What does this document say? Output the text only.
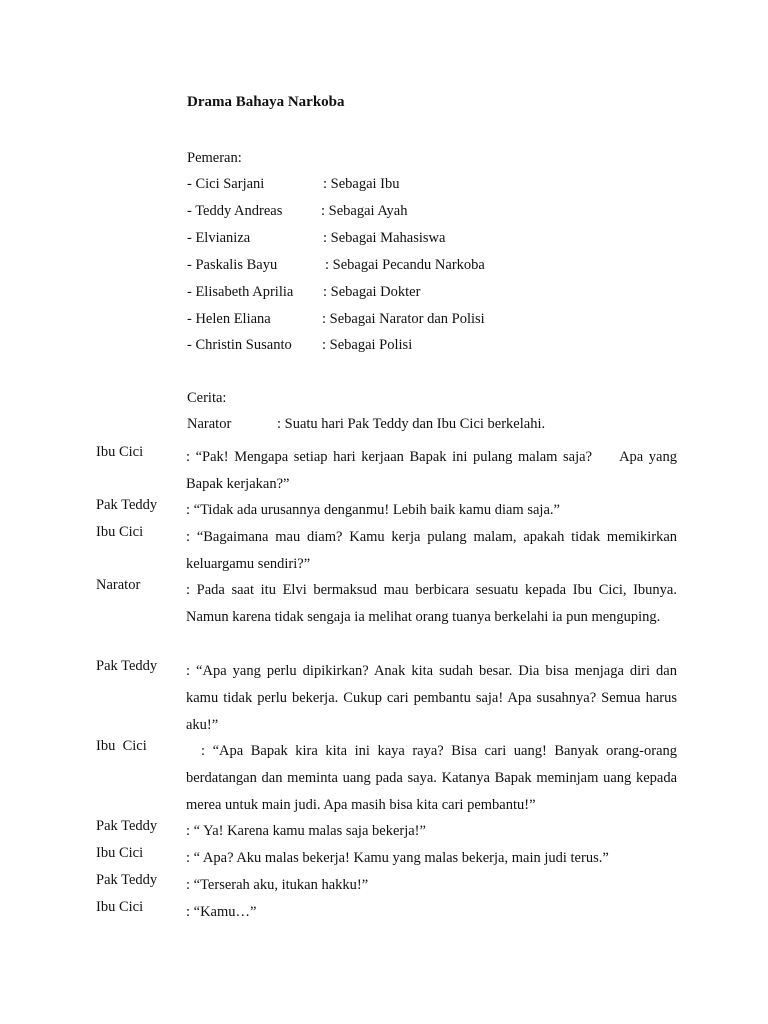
Drama Bahaya Narkoba
Pemeran:
- Cici Sarjani	: Sebagai Ibu
- Teddy Andreas	: Sebagai Ayah
- Elvianiza	: Sebagai Mahasiswa
- Paskalis Bayu	: Sebagai Pecandu Narkoba
- Elisabeth Aprilia : Sebagai Dokter
- Helen Eliana	: Sebagai Narator dan Polisi
- Christin Susanto : Sebagai Polisi
Cerita:
Narator	: Suatu hari Pak Teddy dan Ibu Cici berkelahi.
Ibu Cici	: “Pak! Mengapa setiap hari kerjaan Bapak ini pulang malam saja?     Apa yang Bapak kerjakan?”
Pak Teddy : “Tidak ada urusannya denganmu! Lebih baik kamu diam saja.”
Ibu Cici	: “Bagaimana mau diam? Kamu kerja pulang malam, apakah tidak memikirkan keluargamu sendiri?”
Narator	: Pada saat itu Elvi bermaksud mau berbicara sesuatu kepada Ibu Cici, Ibunya. Namun karena tidak sengaja ia melihat orang tuanya berkelahi ia pun menguping.
Pak Teddy : “Apa yang perlu dipikirkan? Anak kita sudah besar. Dia bisa menjaga diri dan kamu tidak perlu bekerja. Cukup cari pembantu saja! Apa susahnya? Semua harus aku!”
Ibu  Cici	: “Apa Bapak kira kita ini kaya raya? Bisa cari uang! Banyak orang-orang berdatangan dan meminta uang pada saya. Katanya Bapak meminjam uang kepada merea untuk main judi. Apa masih bisa kita cari pembantu!”
Pak Teddy : “ Ya! Karena kamu malas saja bekerja!”
Ibu Cici	: “ Apa? Aku malas bekerja! Kamu yang malas bekerja, main judi terus.”
Pak Teddy : “Terserah aku, itukan hakku!”
Ibu Cici	: “Kamu…”
